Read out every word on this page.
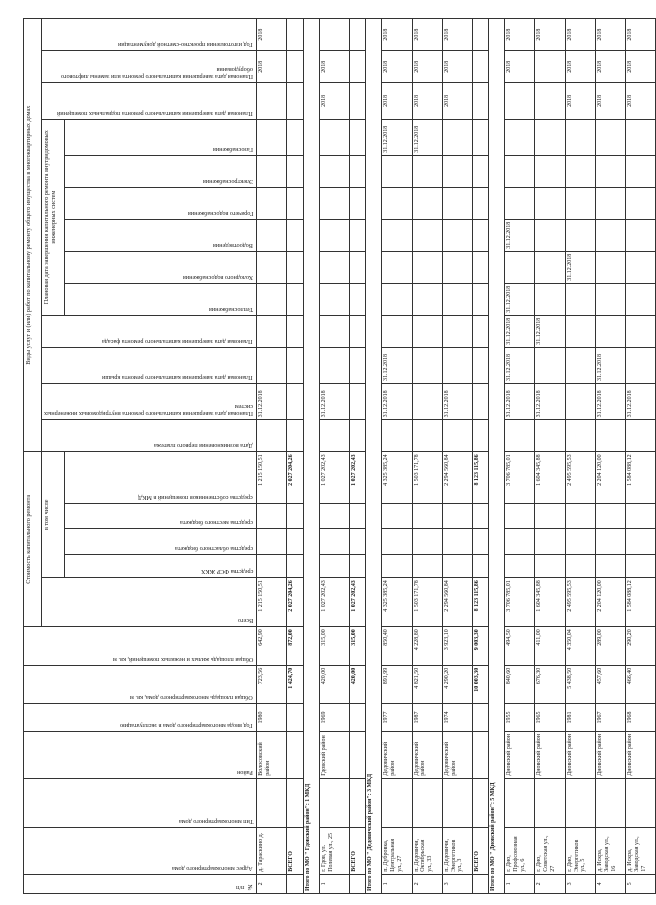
№ п/п	Адрес многоквартирного дома	Тип многоквартирного дома	Район	Год ввода многоквартирного дома в эксплуатацию	Общая площадь многоквартирного дома, кв. м	Общая площадь жилых и нежилых помещений, кв. м	Стоимость капитального ремонта					Виды услуг и (или) работ по капитальному ремонту общего имущества в многоквартирных домах												
							Всего	в том числе				Дата возникновения первого платежа	Плановая дата завершения капитального ремонта внутридомовых инженерных систем	Плановая дата завершения капитального ремонта крыши	Плановая дата завершения капитального ремонта фасада	Плановая дата завершения капитального ремонта внутридомовых инженерных систем						Плановая дата завершения капитального ремонта подвальных помещений	Плановая дата завершения капитального ремонта или замены лифтового оборудования	Год изготовления проектно-сметной документации
								средства ФСР ЖКХ	средства областного бюджета	средства местного бюджета	средства собственников помещений в МКД					Теплоснабжения	Холодного водоснабжения	Водоотведения	Горячего водоснабжения	Электроснабжения	Газоснабжения			
2	д. Тараскино д.		Волосовский район	1980	723,56	642,90	1 215 150,51				1 215 150,51		31.12.2018										2018	2018
	ВСЕГО				1 424,70	872,00	2 027 204,26				2 027 204,26													
Итого по МО " Гдовский район": 1 МКД																								
1	г. Гдов, ул. Полевая ул., 25		Гдовский район	1969	420,00	315,00	1 027 202,43				1 027 202,43		31.12.2018									2018	2018	
	ВСЕГО				420,00	315,00	1 027 202,43				1 027 202,43													
Итого по МО " Дедовичский район": 3 МКД																								
1	п. Дубровка, Центральная ул., 27		Дедовичский район	1977	891,99	850,40	4 325 385,24				4 325 385,24		31.12.2018	31.12.2018							31.12.2018	2018	2018	2018
2	п. Дедовичи, Октябрьская ул., 33		Дедовичский район	1987	4 821,50	4 228,80	1 503 171,78				1 503 171,78										31.12.2018	2018	2018	2018
3	п. Дедовичи, Энергетиков ул., 3		Дедовичский район	1974	4 290,20	3 923,10	2 294 560,84				2 294 560,84		31.12.2018									2018	2018	2018
	ВСЕГО				10 003,30	9 003,30	8 123 115,86				8 123 115,86													
Итого по МО " Дновский район": 5 МКД																								
1	г. Дно, Профсоюзная ул., 6		Дновский район	1955	840,60	494,50	3 706 785,01				3 706 785,01		31.12.2018	31.12.2018	31.12.2018	31.12.2018		31.12.2018					2018	2018
2	г. Дно, Советская ул., 27		Дновский район	1965	676,30	411,00	1 604 345,88				1 604 345,88		31.12.2018		31.12.2018									2018
3	г. Дно, Энергетиков ул., 5		Дновский район	1981	5 438,50	4 350,04	2 495 595,53				2 495 595,53						31.12.2018					2018	2018	2018
4	д. Искра, Заводская ул., 16		Дновский район	1967	457,60	289,00	2 204 120,00				2 204 120,00		31.12.2018	31.12.2018								2018	2018	2018
5	д. Искра, Заводская ул., 17		Дновский район	1968	466,40	290,20	1 584 088,12				1 584 088,12		31.12.2018									2018	2018	2018
